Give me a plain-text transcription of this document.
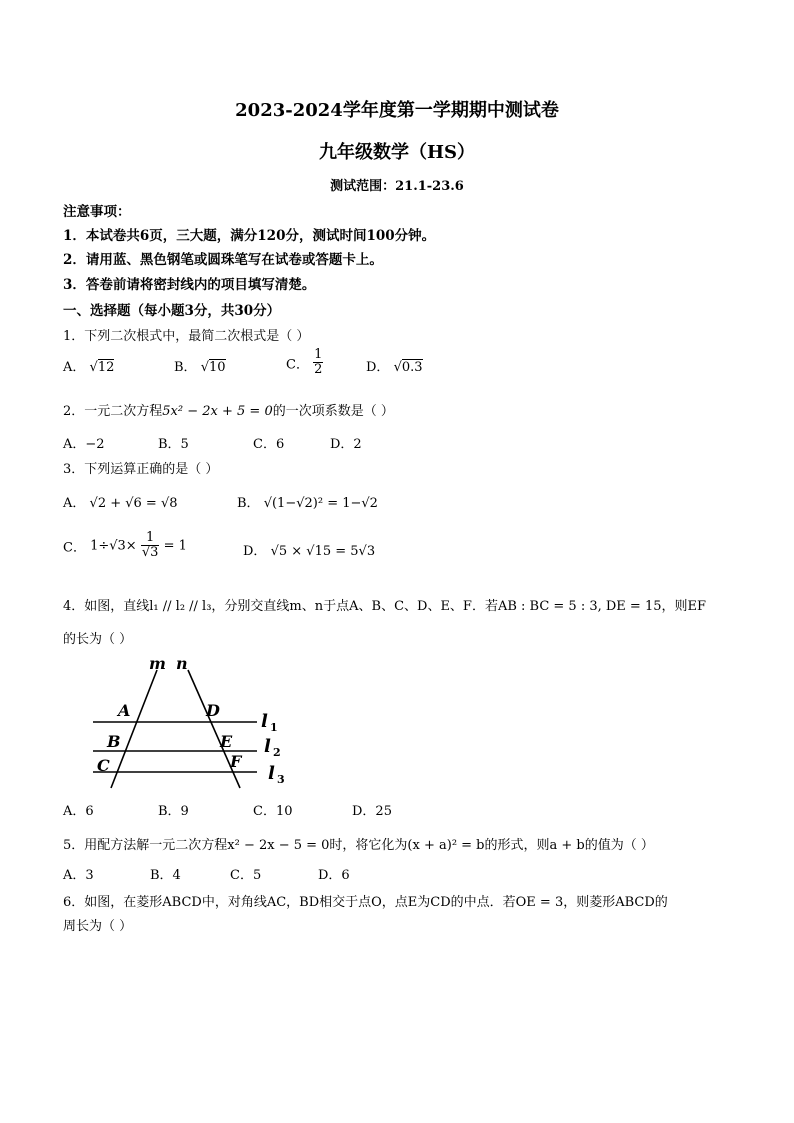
2023-2024学年度第一学期期中测试卷
九年级数学（HS）
测试范围：21.1-23.6
注意事项：
1．本试卷共6页，三大题，满分120分，测试时间100分钟。
2．请用蓝、黑色钢笔或圆珠笔写在试卷或答题卡上。
3．答卷前请将密封线内的项目填写清楚。
一、选择题（每小题3分，共30分）
1．下列二次根式中，最简二次根式是（ ）
A． √12	B． √10	C． $\frac{1}{2}$	D． √0.3
2．一元二次方程5x² − 2x + 5 = 0的一次项系数是（ ）
A．−2	B．5	C．6	D．2
3．下列运算正确的是（ ）
A． √2 + √6 = √8	B． √(1−√2)² = 1−√2
C． $1\div√3\times \frac{1}{√3} = 1$	D． √5 × √15 = 5√3
4．如图，直线l₁ // l₂ // l₃，分别交直线m、n于点A、B、C、D、E、F．若AB : BC = 5 : 3, DE = 15，则EF
的长为（ ）
m n
A
B
C
D
E
F
l 1
l 2
l 3
A．6	B．9	C．10	D．25
5．用配方法解一元二次方程x² − 2x − 5 = 0时，将它化为(x + a)² = b的形式，则a + b的值为（ ）
A．3	B．4	C．5	D．6
6．如图，在菱形ABCD中，对角线AC，BD相交于点O，点E为CD的中点．若OE = 3，则菱形ABCD的
周长为（ ）
